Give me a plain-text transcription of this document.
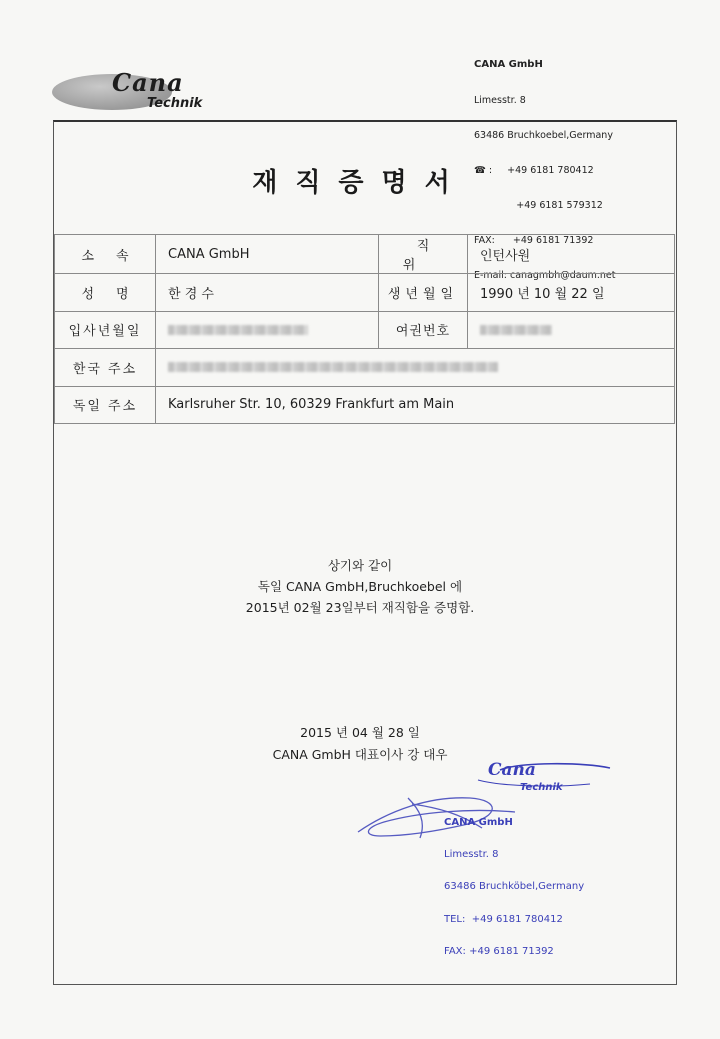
Cana
Technik

CANA GmbH

Limesstr. 8

63486 Bruchkoebel,Germany

☎ :     +49 6181 780412

+49 6181 579312

FAX:      +49 6181 71392

E-mail: canagmbh@daum.net

재직증명서
소속	CANA GmbH	직위	인턴사원
성명	한 경 수	생년월일	1990 년 10 월 22 일
입사년월일		여권번호	
한국 주소			
독일 주소	Karlsruher Str. 10, 60329 Frankfurt am Main		
상기와 같이
독일 CANA GmbH,Bruchkoebel 에
2015년 02월 23일부터 재직함을 증명함.
2015 년 04 월 28 일
CANA GmbH 대표이사 강 대우
Cana
Technik

CANA GmbH

Limesstr. 8

63486 Bruchköbel,Germany

TEL:  +49 6181 780412

FAX: +49 6181 71392
